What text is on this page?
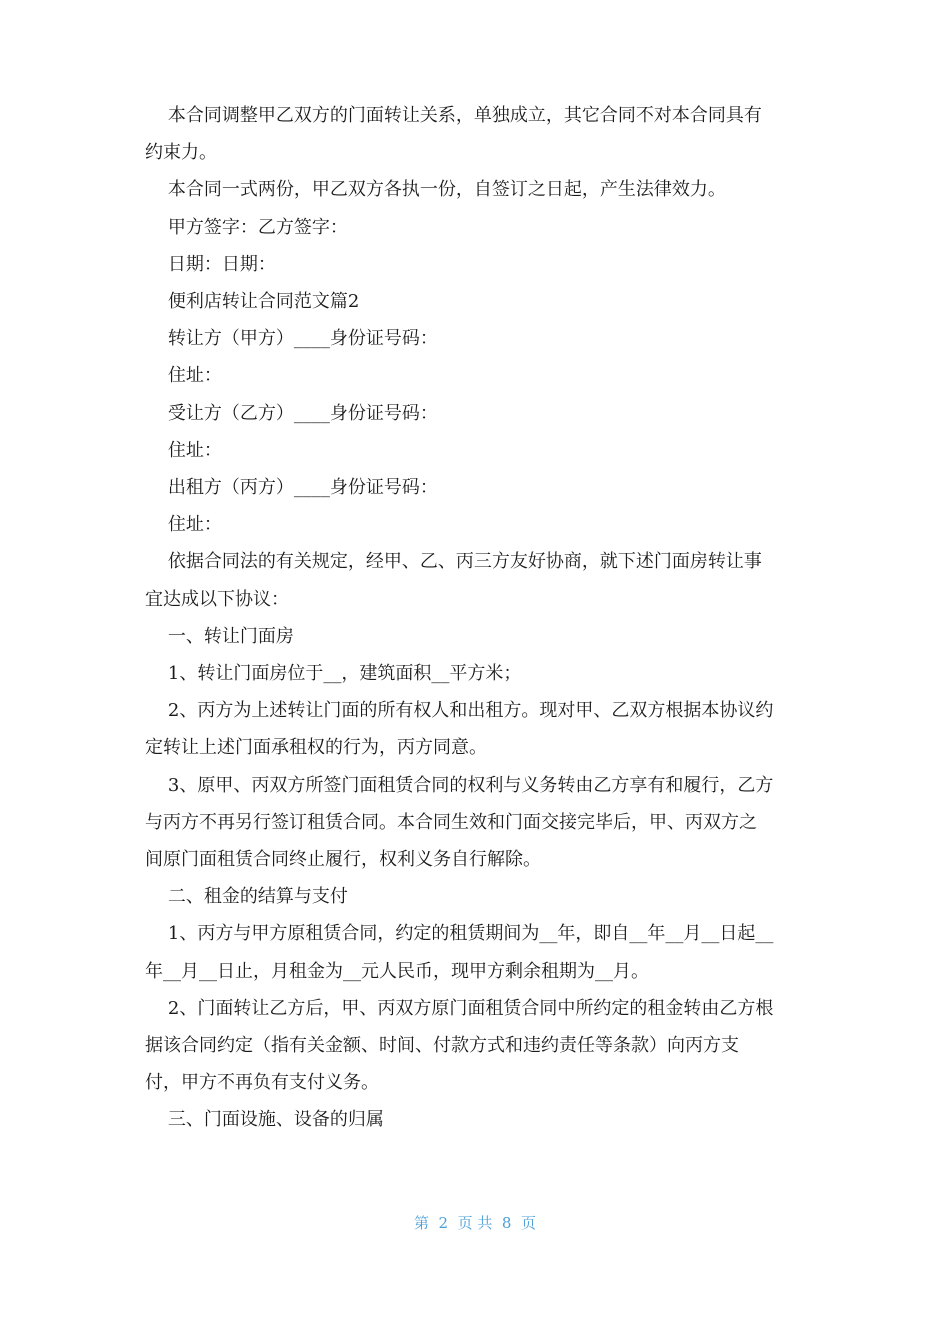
本合同调整甲乙双方的门面转让关系，单独成立，其它合同不对本合同具有

约束力。

本合同一式两份，甲乙双方各执一份，自签订之日起，产生法律效力。

甲方签字：乙方签字：

日期：日期：

便利店转让合同范文篇2

转让方（甲方）____身份证号码：

住址：

受让方（乙方）____身份证号码：

住址：

出租方（丙方）____身份证号码：

住址：

依据合同法的有关规定，经甲、乙、丙三方友好协商，就下述门面房转让事

宜达成以下协议：

一、转让门面房

1、转让门面房位于__，建筑面积__平方米；

2、丙方为上述转让门面的所有权人和出租方。现对甲、乙双方根据本协议约

定转让上述门面承租权的行为，丙方同意。

3、原甲、丙双方所签门面租赁合同的权利与义务转由乙方享有和履行，乙方

与丙方不再另行签订租赁合同。本合同生效和门面交接完毕后，甲、丙双方之

间原门面租赁合同终止履行，权利义务自行解除。

二、租金的结算与支付

1、丙方与甲方原租赁合同，约定的租赁期间为__年，即自__年__月__日起__

年__月__日止，月租金为__元人民币，现甲方剩余租期为__月。

2、门面转让乙方后，甲、丙双方原门面租赁合同中所约定的租金转由乙方根

据该合同约定（指有关金额、时间、付款方式和违约责任等条款）向丙方支

付，甲方不再负有支付义务。

三、门面设施、设备的归属

第  2  页 共  8  页
